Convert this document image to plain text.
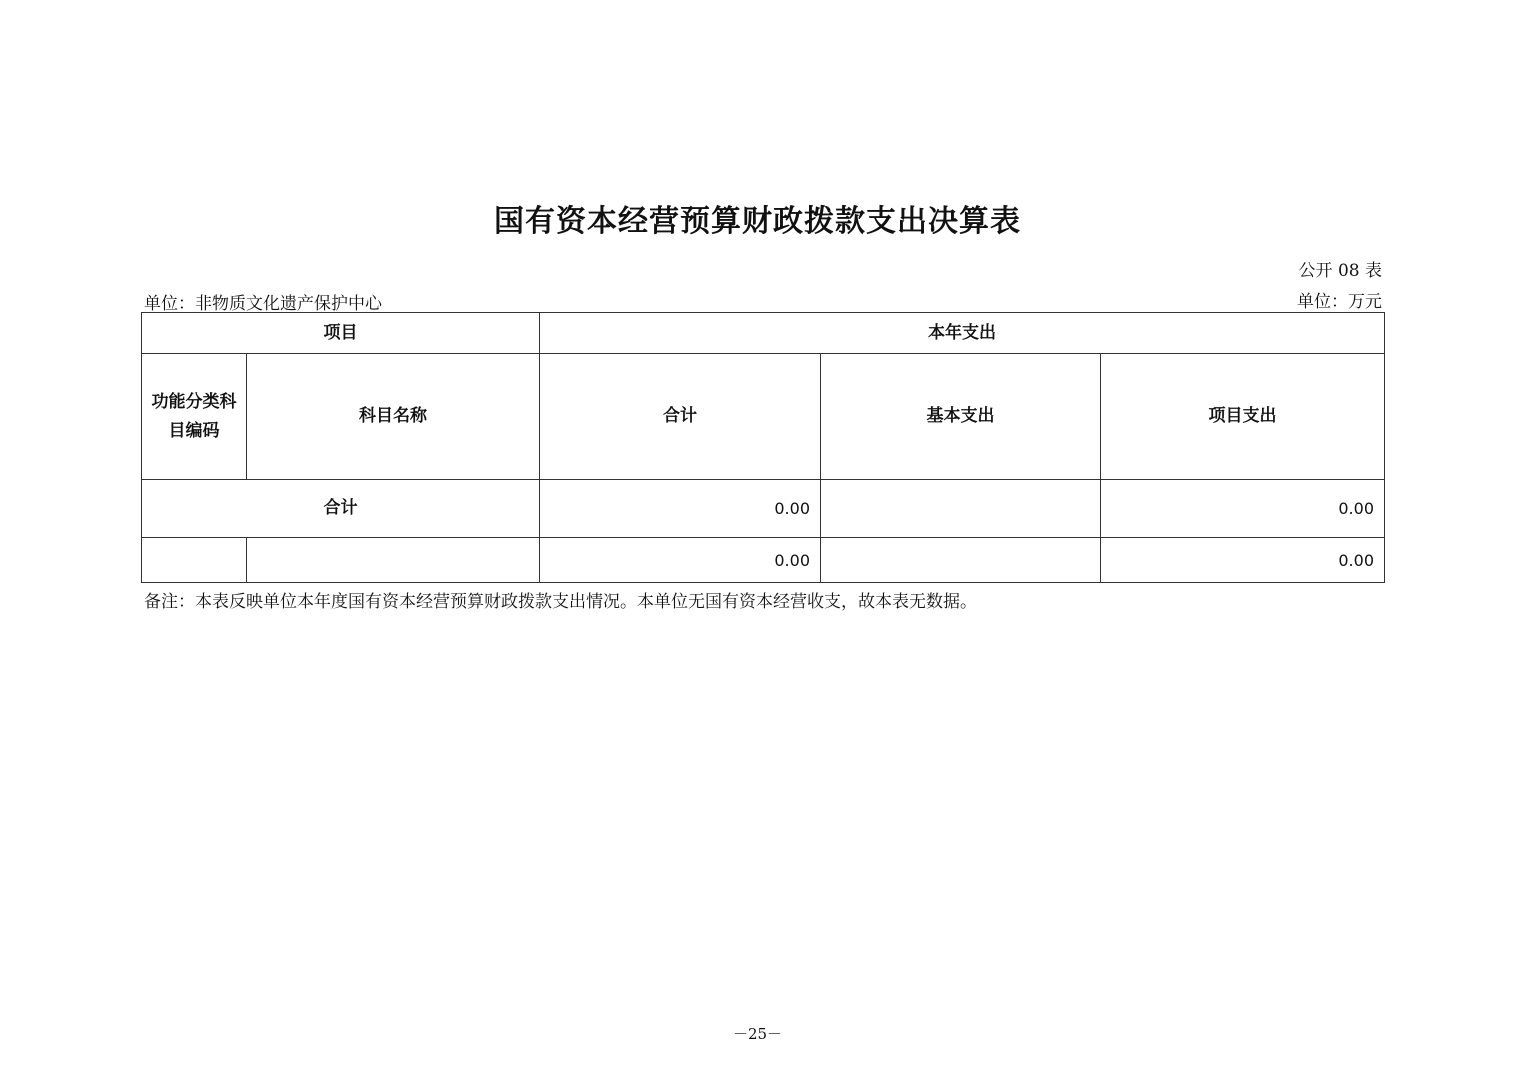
国有资本经营预算财政拨款支出决算表
公开 08 表
单位：非物质文化遗产保护中心	单位：万元
项目		本年支出		
功能分类科目编码	科目名称	合计	基本支出	项目支出
合计		0.00		0.00
		0.00		0.00
备注：本表反映单位本年度国有资本经营预算财政拨款支出情况。本单位无国有资本经营收支，故本表无数据。
－25－
